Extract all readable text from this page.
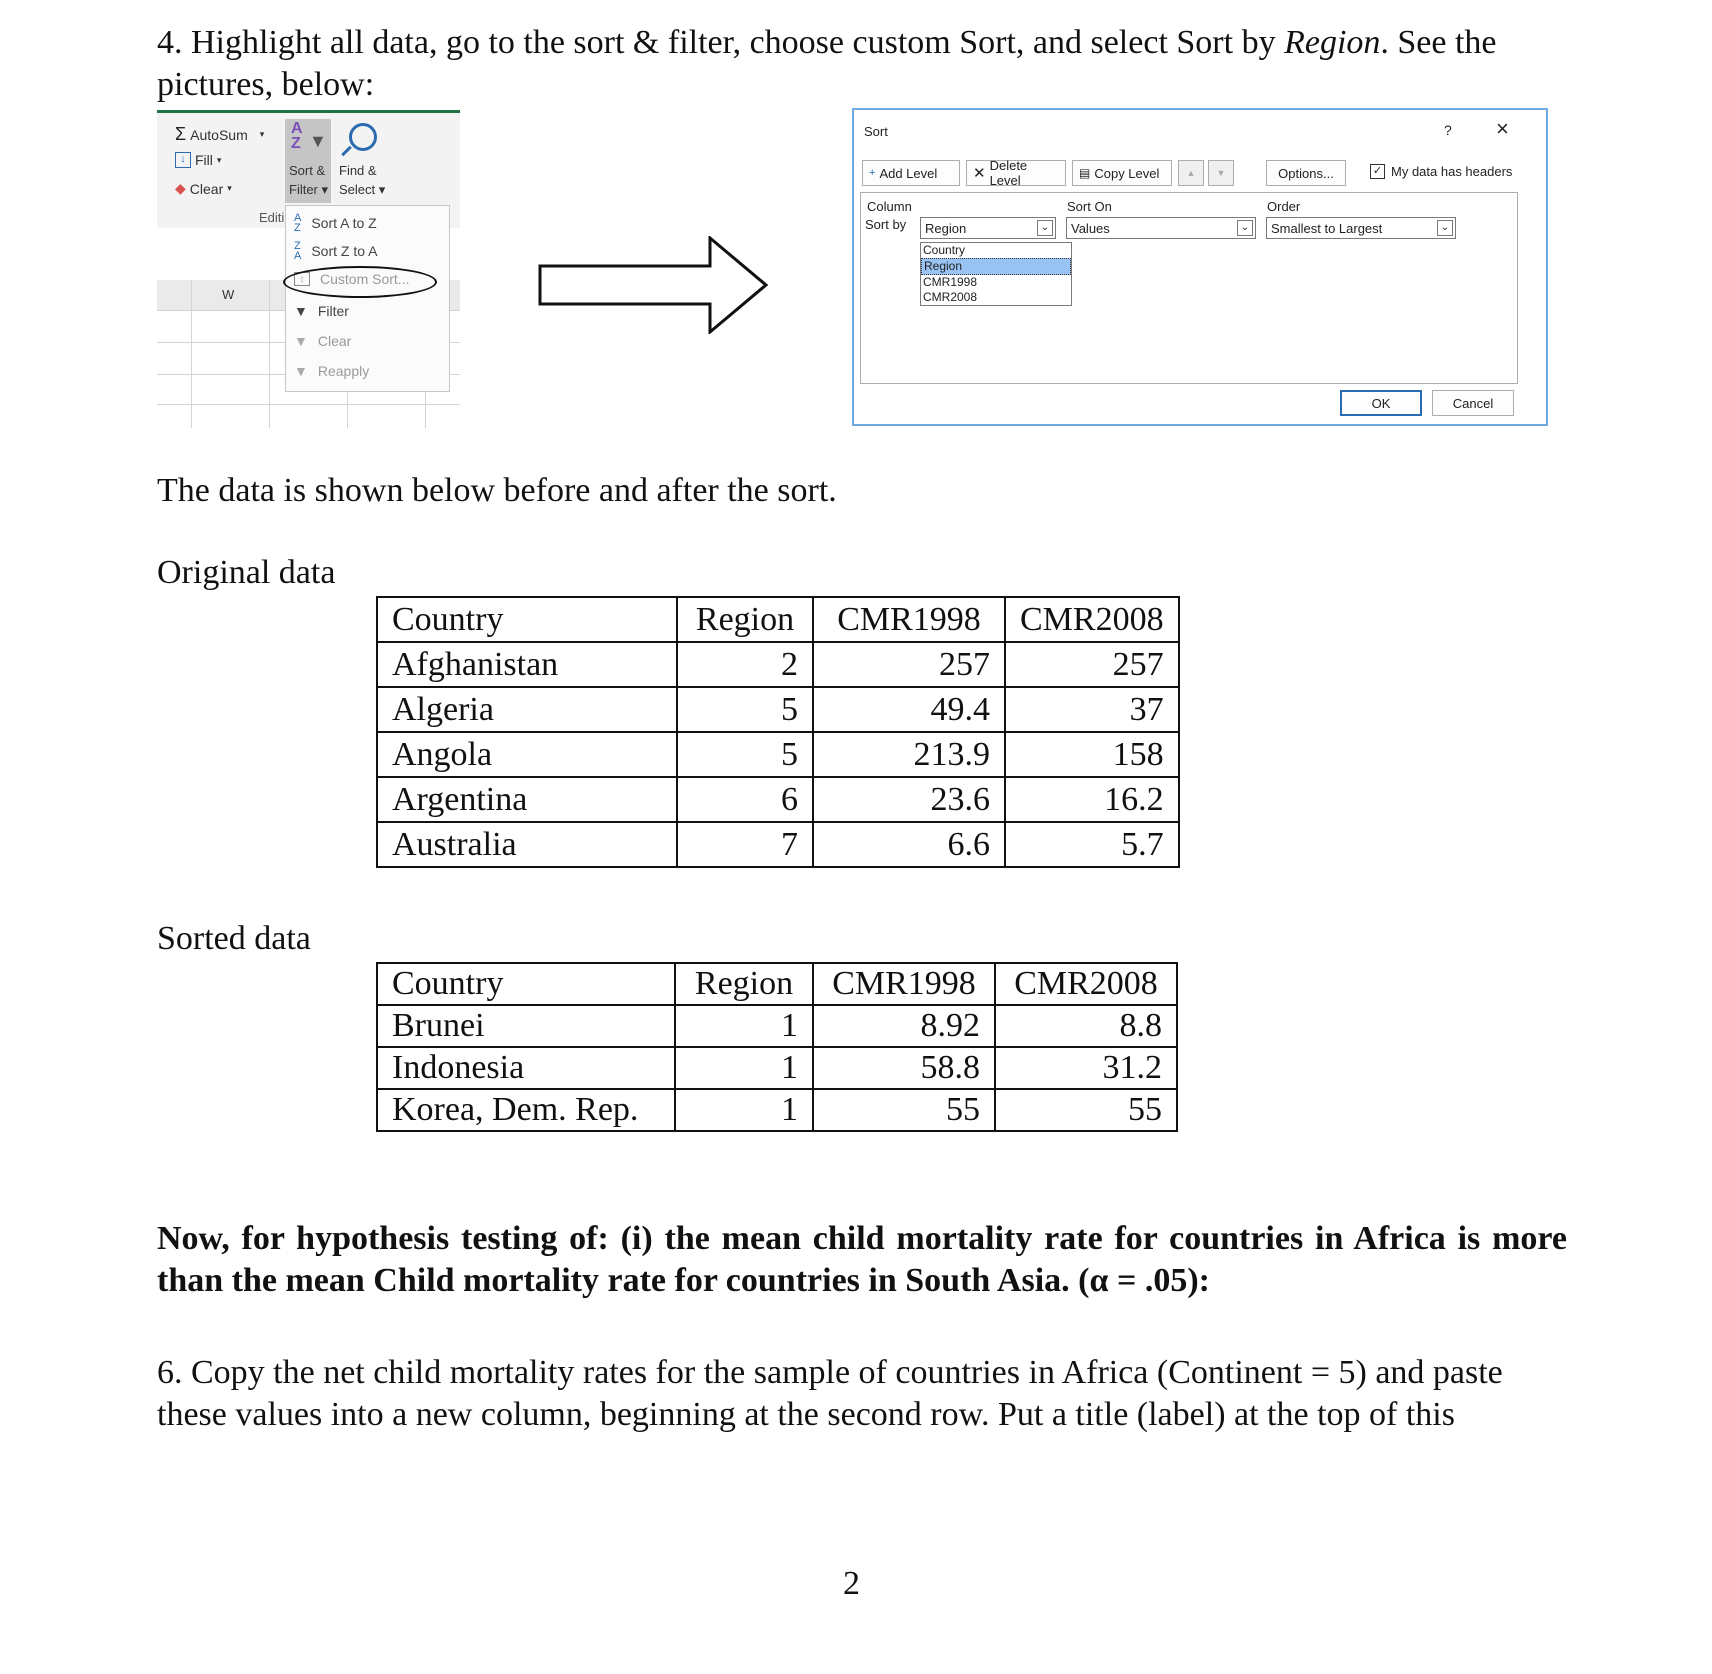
4. Highlight all data, go to the sort & filter, choose custom Sort, and select Sort by Region. See the pictures, below:
Σ AutoSum ▾
↓ Fill ▾
◆ Clear ▾
A
Z ▼
Sort &
Filter ▾
Find &
Select ▾
Editi
W
A
Z Sort A to Z
Z
A Sort Z to A
↕	Custom Sort...
▼ Filter
▼ Clear
▼ Reapply
Sort	? ×
+ Add Level ✕ Delete Level	▤ Copy Level	▲ ▼	Options...	✓ My data has headers
Column	Sort On	Order
Sort by Region	⌄ Values	⌄ Smallest to Largest	⌄
Country
Region
CMR1998
CMR2008
OK	Cancel
The data is shown below before and after the sort.
Original data
Country	Region	CMR1998	CMR2008
Afghanistan	2	257	257
Algeria	5	49.4	37
Angola	5	213.9	158
Argentina	6	23.6	16.2
Australia	7	6.6	5.7
Sorted data
Country	Region	CMR1998	CMR2008
Brunei	1	8.92	8.8
Indonesia	1	58.8	31.2
Korea, Dem. Rep.	1	55	55
Now, for hypothesis testing of: (i) the mean child mortality rate for countries in Africa is more than the mean Child mortality rate for countries in South Asia. (α = .05):
6. Copy the net child mortality rates for the sample of countries in Africa (Continent = 5) and paste these values into a new column, beginning at the second row. Put a title (label) at the top of this
2
